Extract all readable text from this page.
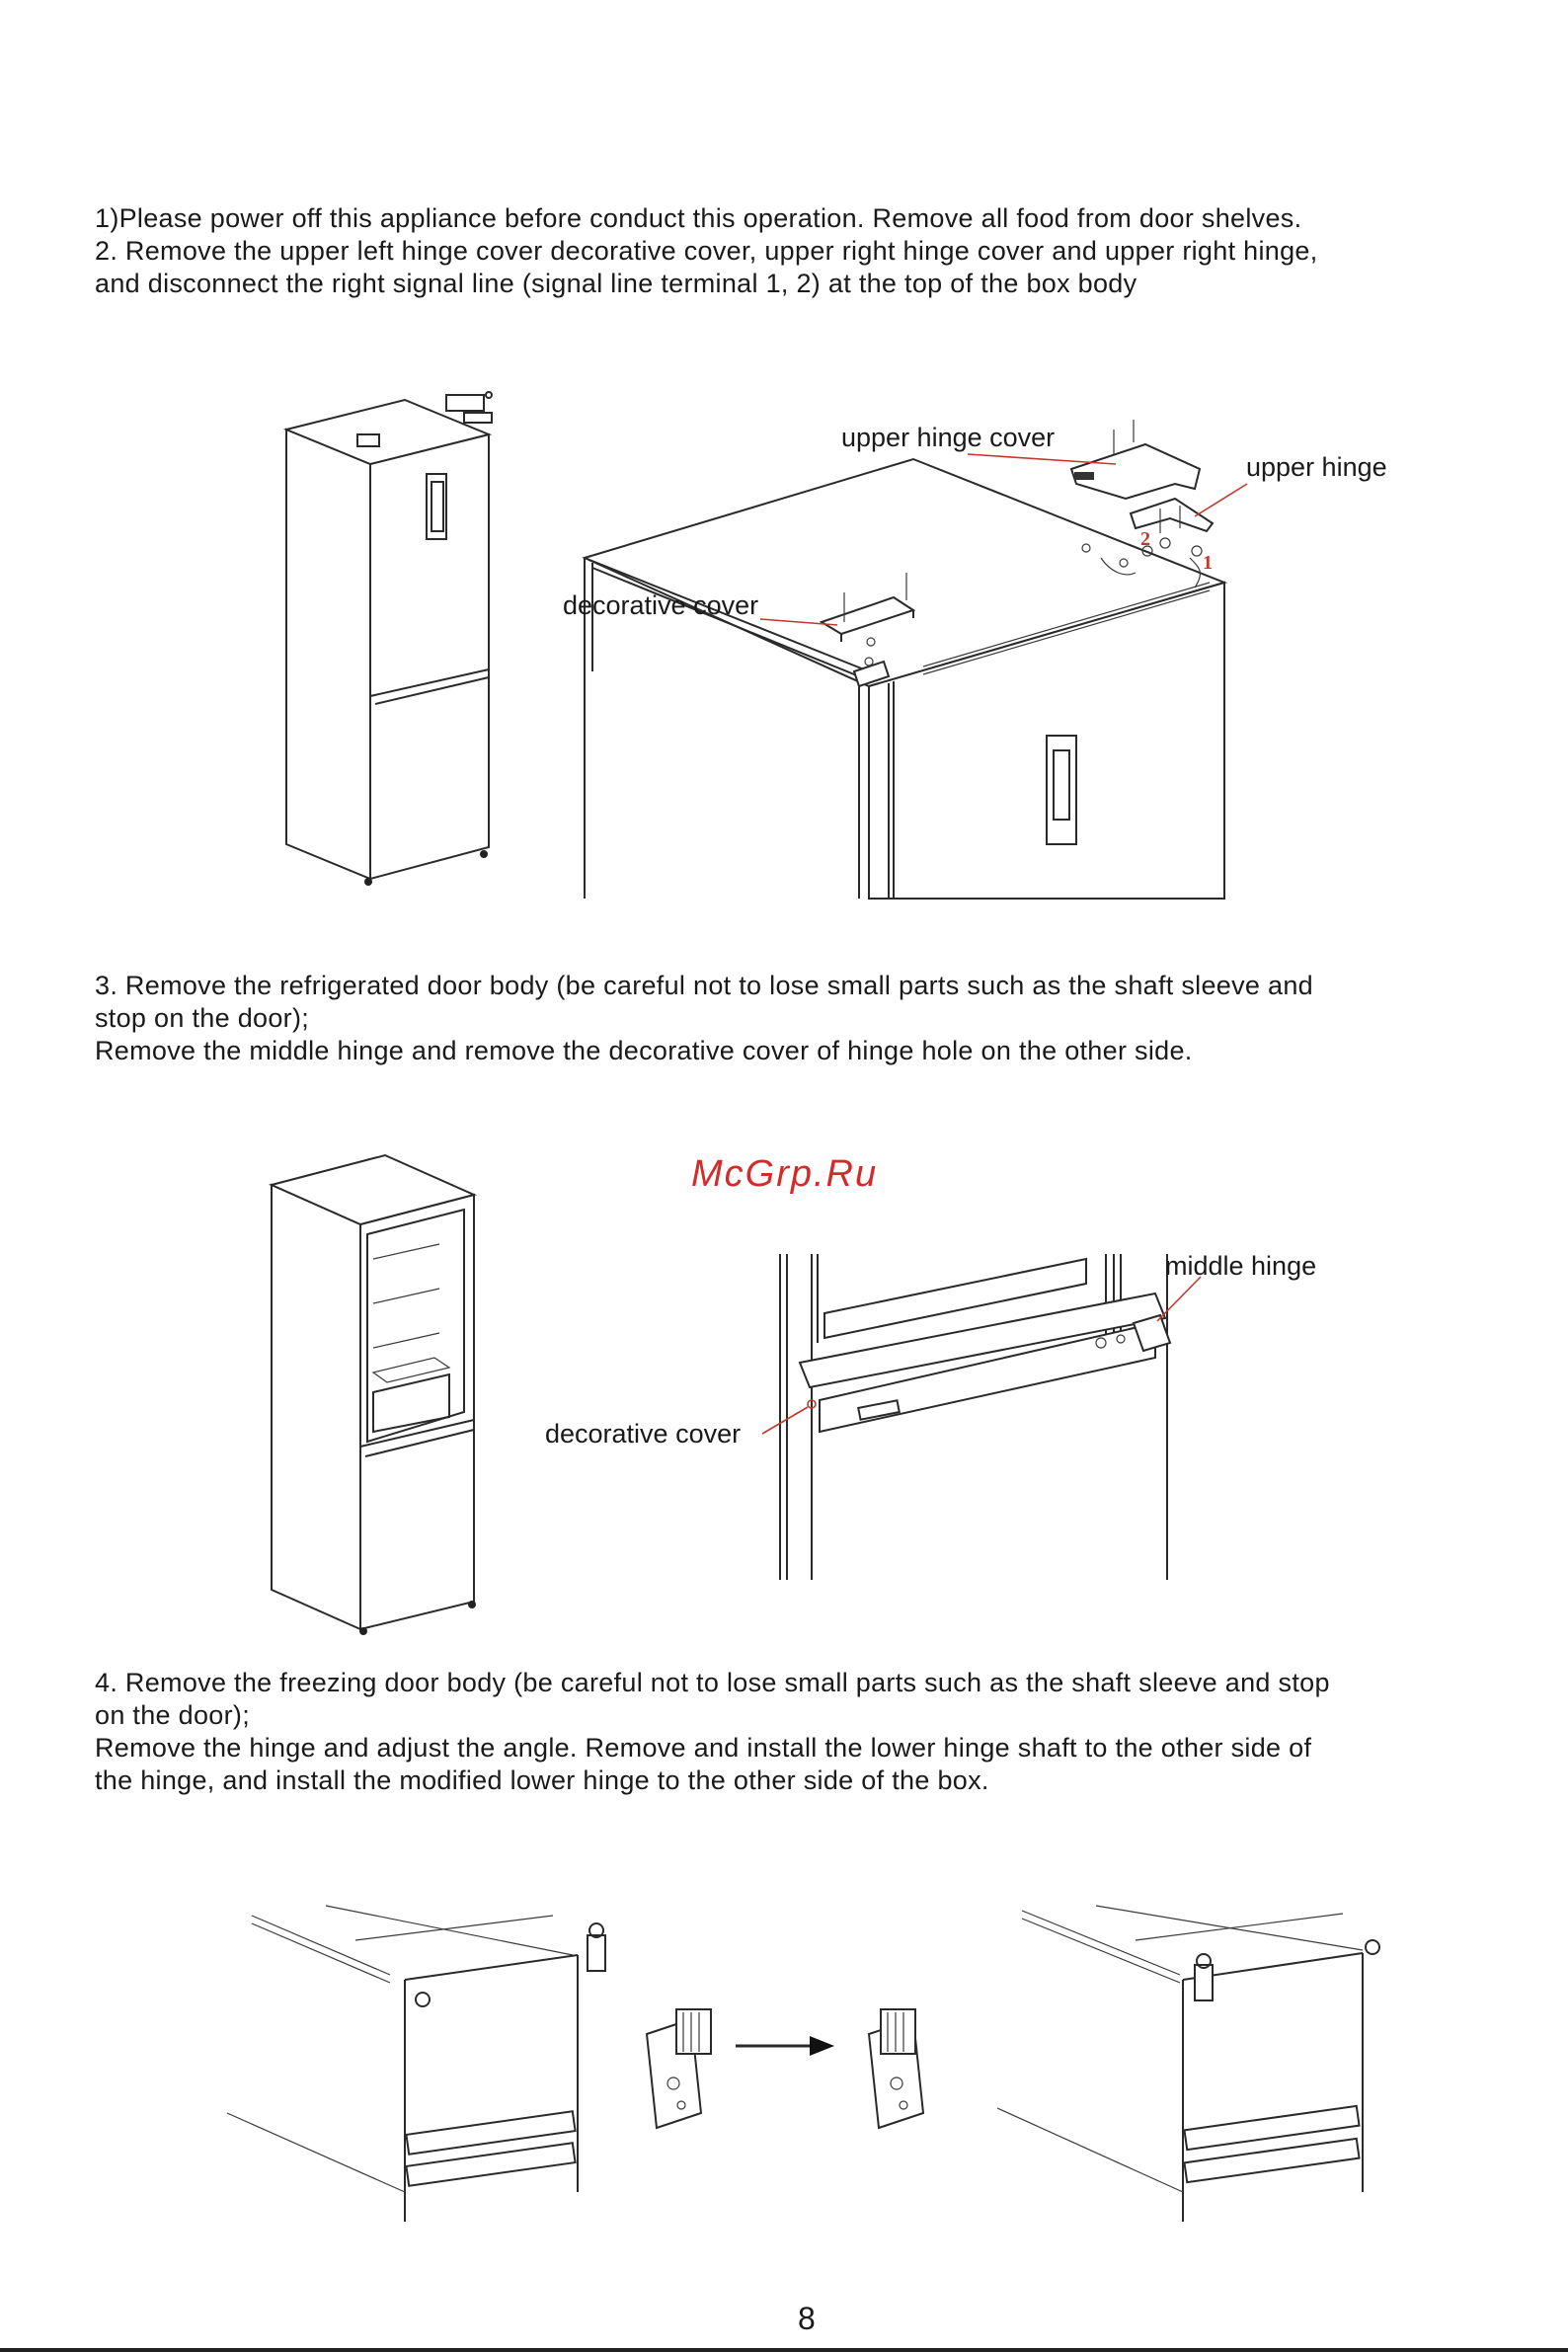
1)Please power off this appliance before conduct this operation. Remove all food from door shelves.
2. Remove the upper left hinge cover decorative cover, upper right hinge cover and upper right hinge,
and disconnect the right signal line (signal line terminal 1, 2) at the top of the box body
2
1
upper hinge cover
upper hinge
decorative cover
3. Remove the refrigerated door body (be careful not to lose small parts such as the shaft sleeve and
stop on the door);
Remove the middle hinge and remove the decorative cover of hinge hole on the other side.
McGrp.Ru
middle hinge
decorative cover
4. Remove the freezing door body (be careful not to lose small parts such as the shaft sleeve and stop
on the door);
Remove the hinge and adjust the angle. Remove and install the lower hinge shaft to the other side of
the hinge, and install the modified lower hinge to the other side of the box.
8
